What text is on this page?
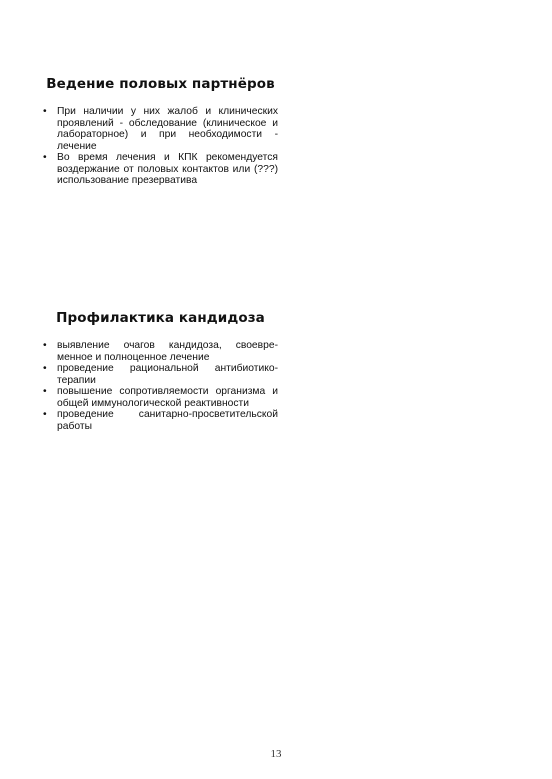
Ведение половых партнёров
• При наличии у них жалоб и клинических проявлений - обследование (клиническое и лабораторное) и при необходимости - лечение
• Во время лечения и КПК рекомендуется воздержание от половых контактов или (???) использование презерватива
Профилактика кандидоза
• выявление очагов кандидоза, своевре-менное и полноценное лечение
• проведение рациональной антибиотико-терапии
• повышение сопротивляемости организма и общей иммунологической реактивности
• проведение санитарно-просветительской работы
13
